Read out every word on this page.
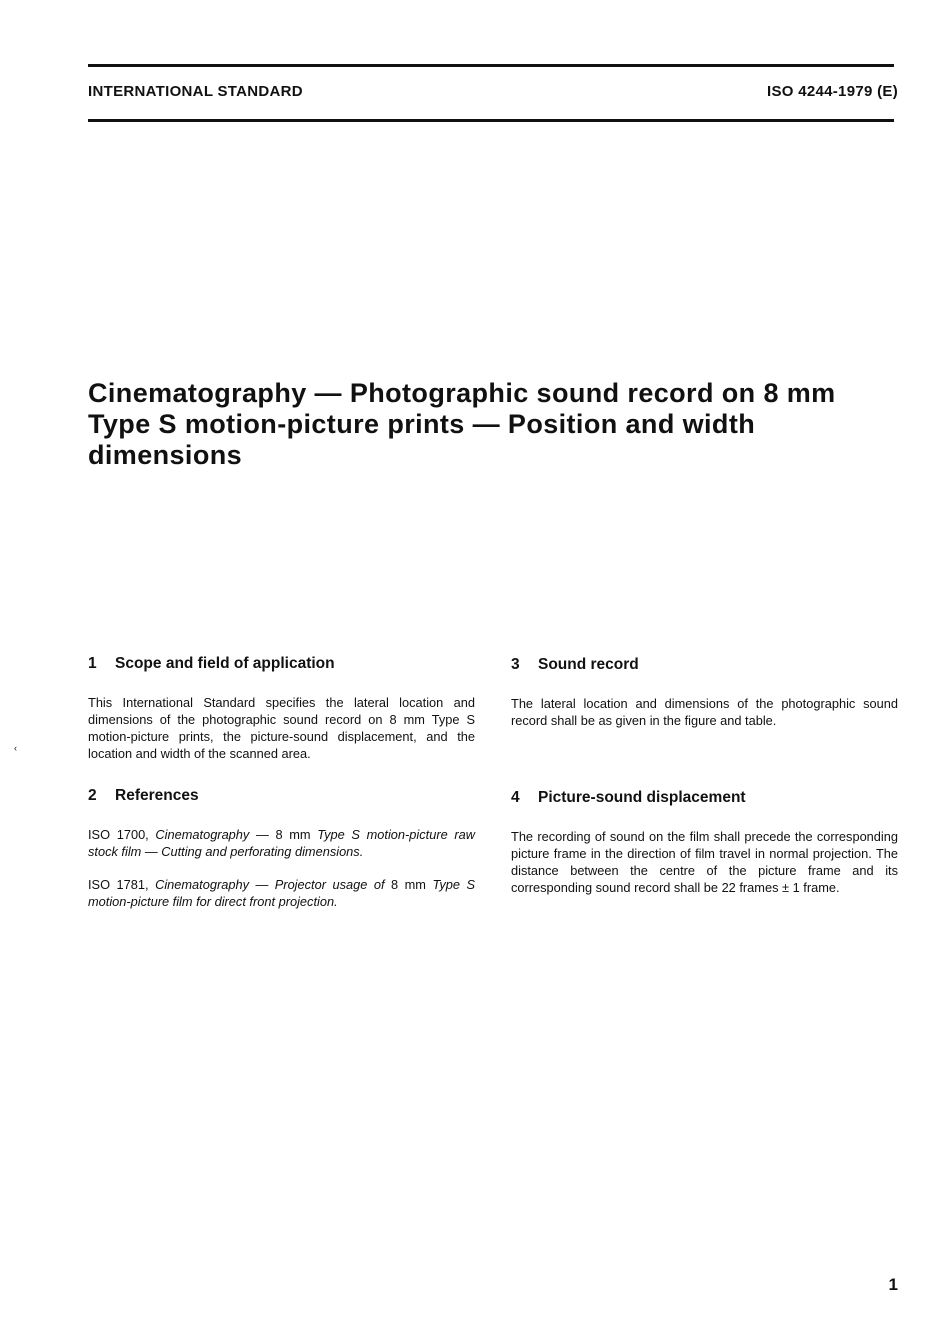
INTERNATIONAL STANDARD	ISO 4244-1979 (E)
Cinematography — Photographic sound record on 8 mm Type S motion-picture prints — Position and width dimensions

1 Scope and field of application

This International Standard specifies the lateral location and dimensions of the photographic sound record on 8 mm Type S motion-picture prints, the picture-sound displacement, and the location and width of the scanned area.

2 References

ISO 1700, Cinematography — 8 mm Type S motion-picture raw stock film — Cutting and perforating dimensions.

ISO 1781, Cinematography — Projector usage of 8 mm Type S motion-picture film for direct front projection.

3 Sound record

The lateral location and dimensions of the photographic sound record shall be as given in the figure and table.

4 Picture-sound displacement

The recording of sound on the film shall precede the corresponding picture frame in the direction of film travel in normal projection. The distance between the centre of the picture frame and its corresponding sound record shall be 22 frames ± 1 frame.

‹
1
